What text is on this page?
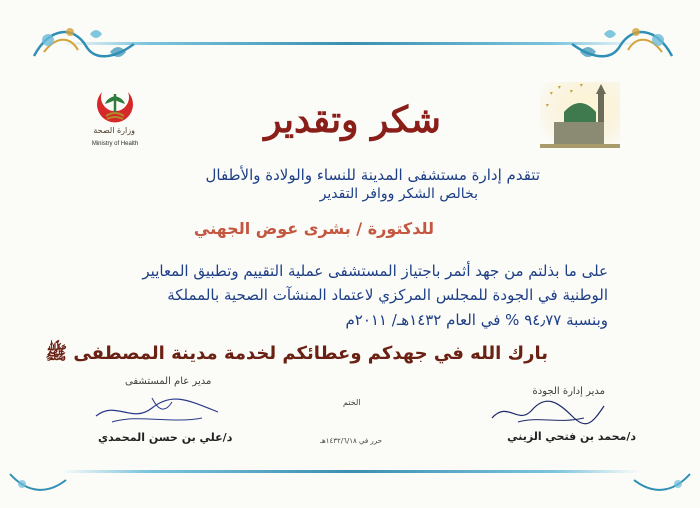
وزارة الصحة
Ministry of Health
شكر وتقدير
تتقدم إدارة مستشفى المدينة للنساء والولادة والأطفال
بخالص الشكر ووافر التقدير
للدكتورة / بشرى عوض الجهني
على ما بذلتم من جهد أثمر باجتياز المستشفى عملية التقييم وتطبيق المعايير
الوطنية في الجودة للمجلس المركزي لاعتماد المنشآت الصحية بالمملكة
وبنسبة ٩٤٫٧٧ % في العام ١٤٣٢هـ/ ٢٠١١م
بارك الله في جهدكم وعطائكم لخدمة مدينة المصطفى ﷺ
مدير إدارة الجودة
د/محمد بن فتحي الزيني
مدير عام المستشفى
د/علي بن حسن المحمدي
الختم
حرر في ١٤٣٢/٦/١٨هـ
